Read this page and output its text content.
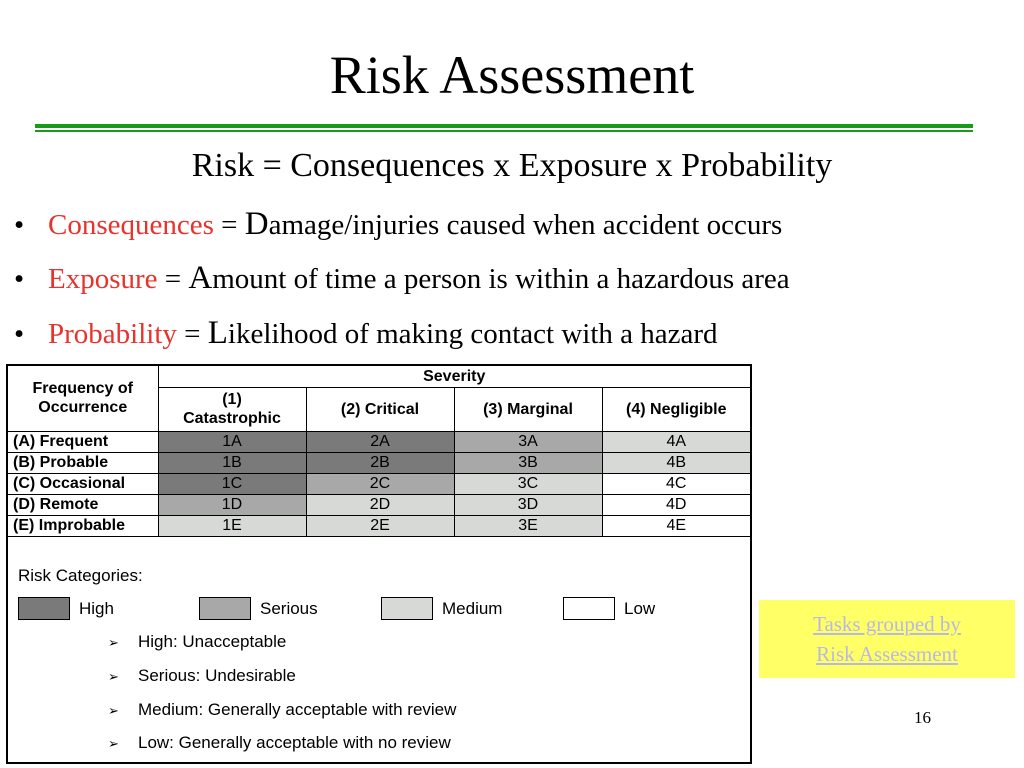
Risk Assessment
Risk = Consequences x Exposure x Probability
• Consequences = Damage/injuries caused when accident occurs
• Exposure = Amount of time a person is within a hazardous area
• Probability = Likelihood of making contact with a hazard
Frequency of
Occurrence	Severity			

	(1)
Catastrophic	(2) Critical	(3) Marginal	(4) Negligible
(A) Frequent	1A	2A	3A	4A
(B) Probable	1B	2B	3B	4B
(C) Occasional	1C	2C	3C	4C
(D) Remote	1D	2D	3D	4D
(E) Improbable	1E	2E	3E	4E
Risk Categories:
High	Serious	Medium	Low
➢ High: Unacceptable
➢ Serious: Undesirable
➢ Medium: Generally acceptable with review
➢ Low: Generally acceptable with no review
Tasks grouped by
Risk Assessment
16
